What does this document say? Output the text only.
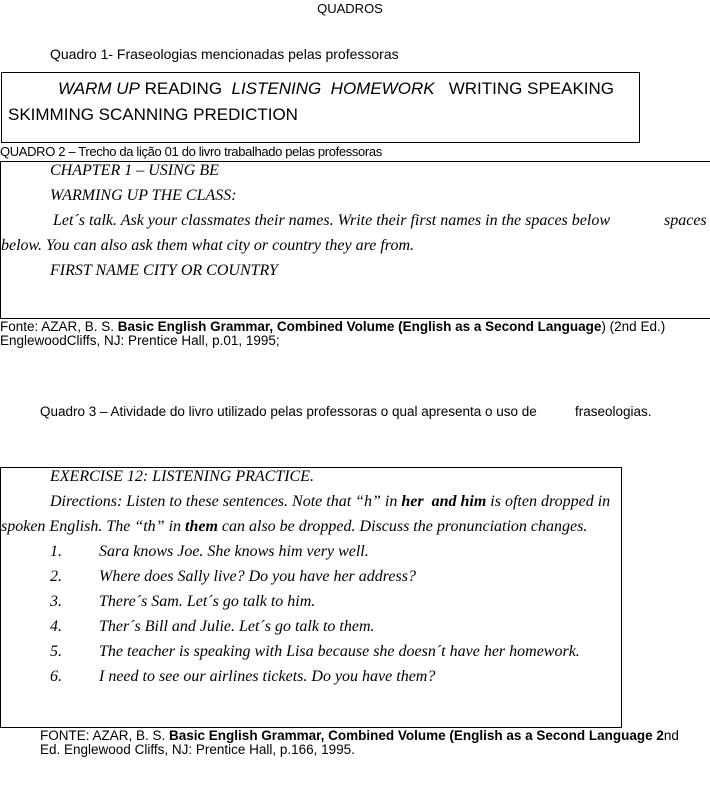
QUADROS
Quadro 1- Fraseologias mencionadas pelas professoras
WARM UP READING  LISTENING  HOMEWORK   WRITING SPEAKING
SKIMMING SCANNING PREDICTION
QUADRO 2 – Trecho da lição 01 do livro trabalhado pelas professoras
CHAPTER 1 – USING BE
WARMING UP THE CLASS:
Let´s talk. Ask your classmates their names. Write their first names in the spaces below	spaces
below. You can also ask them what city or country they are from.
FIRST NAME CITY OR COUNTRY
Fonte: AZAR, B. S. Basic English Grammar, Combined Volume (English as a Second Language) (2nd Ed.)
EnglewoodCliffs, NJ: Prentice Hall, p.01, 1995;
Quadro 3 – Atividade do livro utilizado pelas professoras o qual apresenta o uso de	fraseologias.
EXERCISE 12: LISTENING PRACTICE.
Directions: Listen to these sentences. Note that “h” in her  and him is often dropped in
spoken English. The “th” in them can also be dropped. Discuss the pronunciation changes.
1. Sara knows Joe. She knows him very well.
2. Where does Sally live? Do you have her address?
3. There´s Sam. Let´s go talk to him.
4. Ther´s Bill and Julie. Let´s go talk to them.
5. The teacher is speaking with Lisa because she doesn´t have her homework.
6. I need to see our airlines tickets. Do you have them?
FONTE: AZAR, B. S. Basic English Grammar, Combined Volume (English as a Second Language 2nd
Ed. Englewood Cliffs, NJ: Prentice Hall, p.166, 1995.
